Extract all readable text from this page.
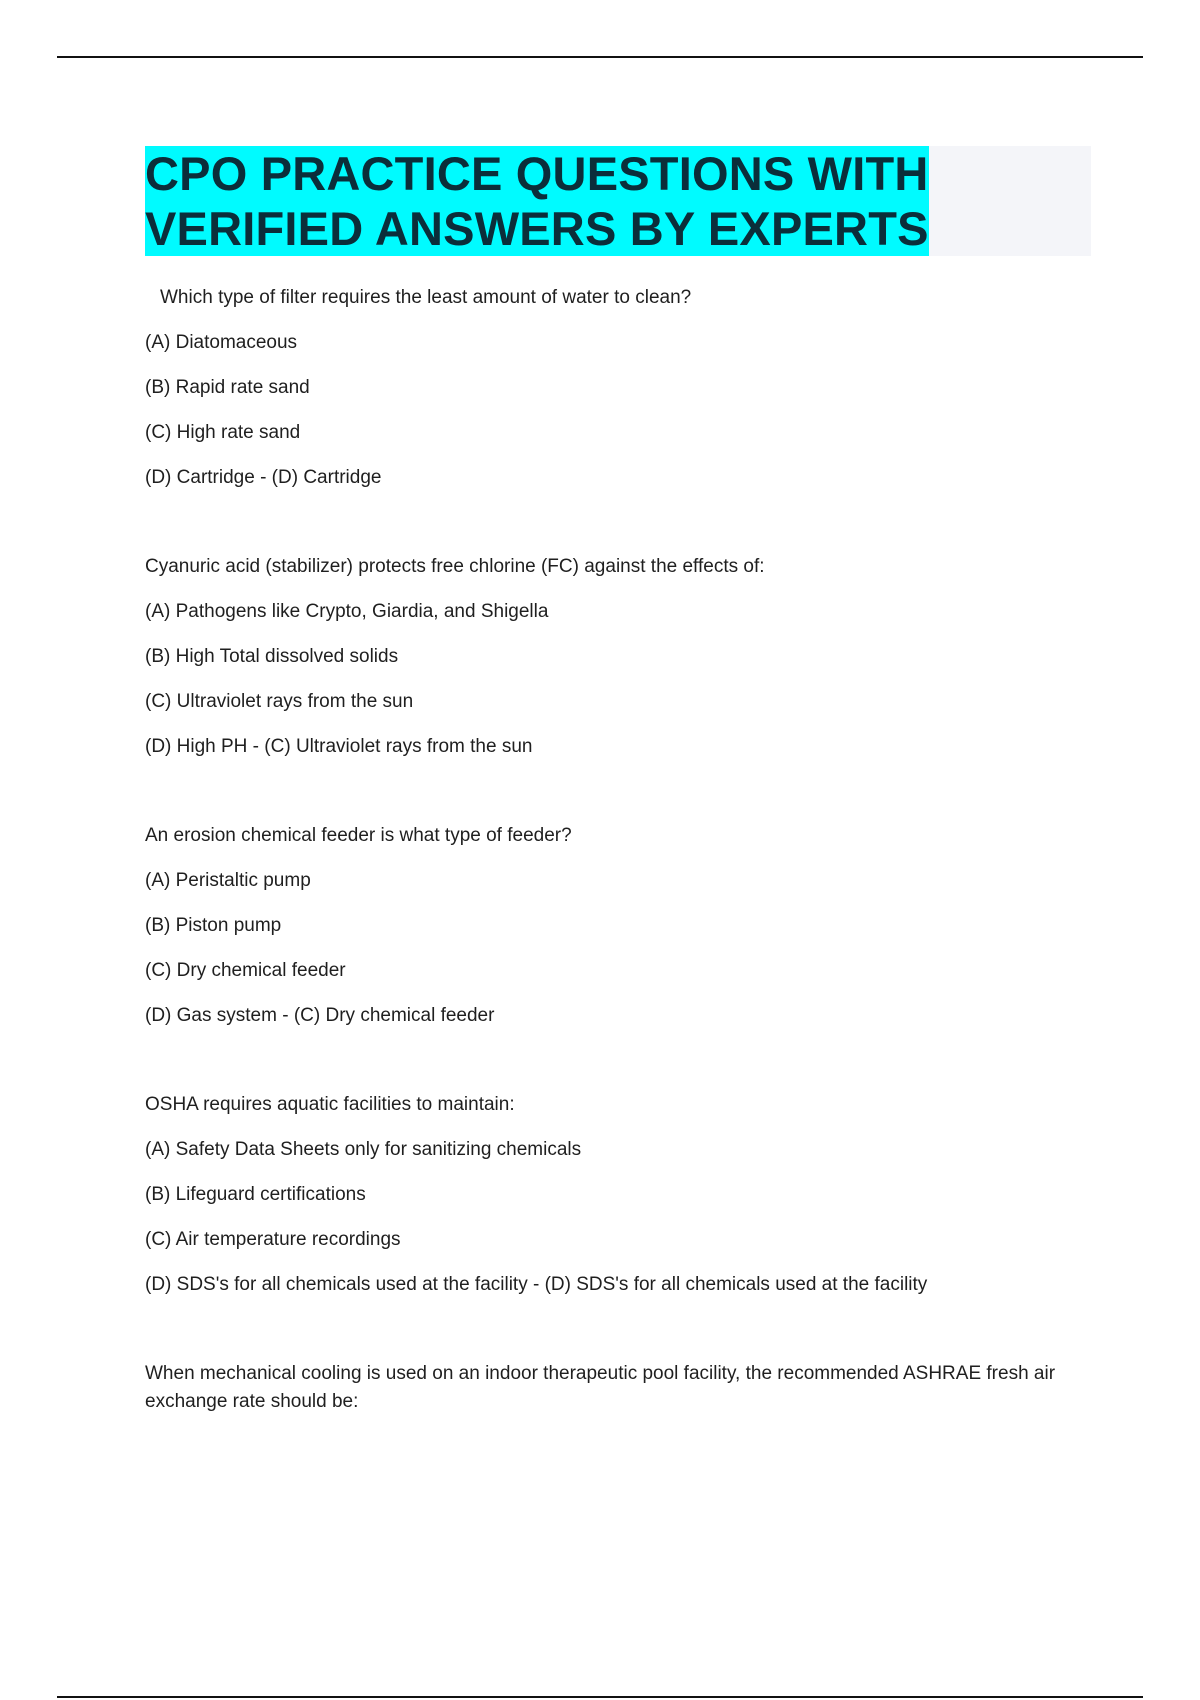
CPO PRACTICE QUESTIONS WITH
VERIFIED ANSWERS BY EXPERTS
Which type of filter requires the least amount of water to clean?
(A) Diatomaceous
(B) Rapid rate sand
(C) High rate sand
(D) Cartridge - (D) Cartridge
Cyanuric acid (stabilizer) protects free chlorine (FC) against the effects of:
(A) Pathogens like Crypto, Giardia, and Shigella
(B) High Total dissolved solids
(C) Ultraviolet rays from the sun
(D) High PH - (C) Ultraviolet rays from the sun
An erosion chemical feeder is what type of feeder?
(A) Peristaltic pump
(B) Piston pump
(C) Dry chemical feeder
(D) Gas system - (C) Dry chemical feeder
OSHA requires aquatic facilities to maintain:
(A) Safety Data Sheets only for sanitizing chemicals
(B) Lifeguard certifications
(C) Air temperature recordings
(D) SDS's for all chemicals used at the facility - (D) SDS's for all chemicals used at the facility
When mechanical cooling is used on an indoor therapeutic pool facility, the recommended ASHRAE fresh air exchange rate should be:
